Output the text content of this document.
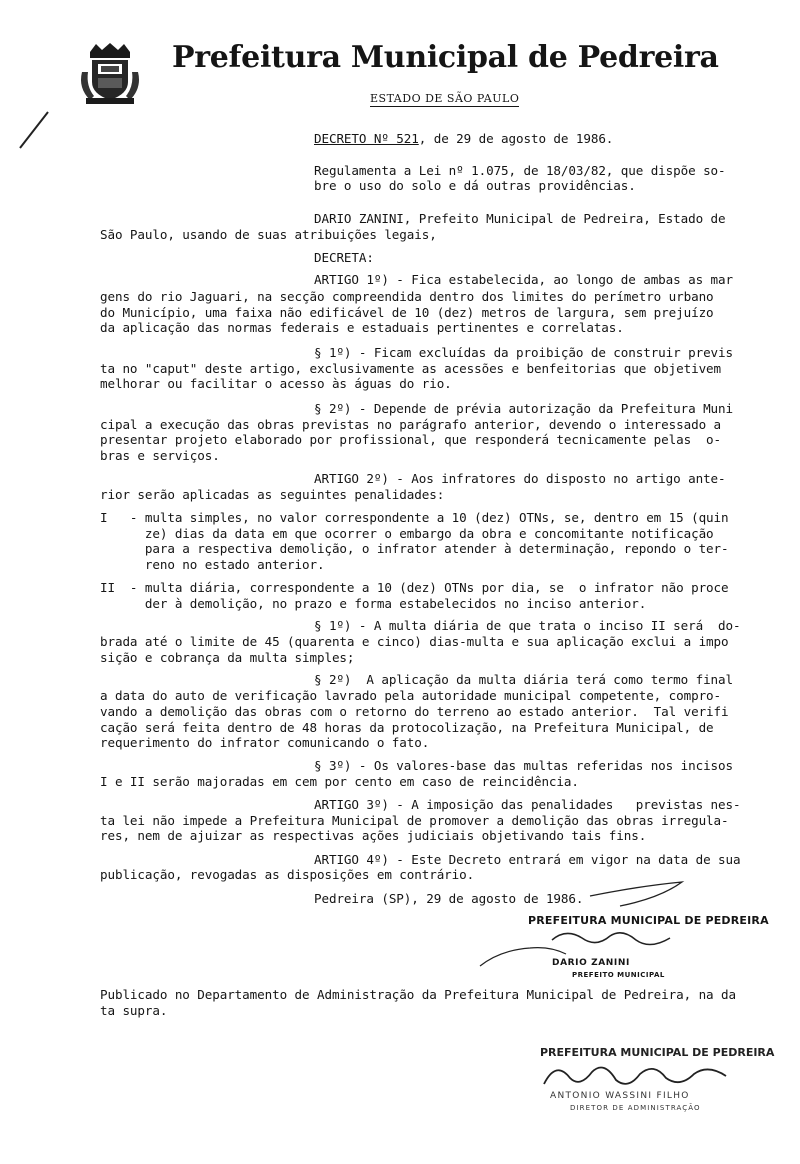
Prefeitura Municipal de Pedreira
ESTADO DE SÃO PAULO
DECRETO Nº 521, de 29 de agosto de 1986.
Regulamenta a Lei nº 1.075, de 18/03/82, que dispõe so-
bre o uso do solo e dá outras providências.
DARIO ZANINI, Prefeito Municipal de Pedreira, Estado de
São Paulo, usando de suas atribuições legais,
DECRETA:
ARTIGO 1º) - Fica estabelecida, ao longo de ambas as mar
gens do rio Jaguari, na secção compreendida dentro dos limites do perímetro urbano
do Município, uma faixa não edificável de 10 (dez) metros de largura, sem prejuízo
da aplicação das normas federais e estaduais pertinentes e correlatas.
§ 1º) - Ficam excluídas da proibição de construir previs
ta no "caput" deste artigo, exclusivamente as acessões e benfeitorias que objetivem
melhorar ou facilitar o acesso às águas do rio.
§ 2º) - Depende de prévia autorização da Prefeitura Muni
cipal a execução das obras previstas no parágrafo anterior, devendo o interessado a
presentar projeto elaborado por profissional, que responderá tecnicamente pelas  o-
bras e serviços.
ARTIGO 2º) - Aos infratores do disposto no artigo ante-
rior serão aplicadas as seguintes penalidades:
I   - multa simples, no valor correspondente a 10 (dez) OTNs, se, dentro em 15 (quin
ze) dias da data em que ocorrer o embargo da obra e concomitante notificação
para a respectiva demolição, o infrator atender à determinação, repondo o ter-
reno no estado anterior.
II  - multa diária, correspondente a 10 (dez) OTNs por dia, se  o infrator não proce
der à demolição, no prazo e forma estabelecidos no inciso anterior.
§ 1º) - A multa diária de que trata o inciso II será  do-
brada até o limite de 45 (quarenta e cinco) dias-multa e sua aplicação exclui a impo
sição e cobrança da multa simples;
§ 2º)  A aplicação da multa diária terá como termo final
a data do auto de verificação lavrado pela autoridade municipal competente, compro-
vando a demolição das obras com o retorno do terreno ao estado anterior.  Tal verifi
cação será feita dentro de 48 horas da protocolização, na Prefeitura Municipal, de
requerimento do infrator comunicando o fato.
§ 3º) - Os valores-base das multas referidas nos incisos
I e II serão majoradas em cem por cento em caso de reincidência.
ARTIGO 3º) - A imposição das penalidades   previstas nes-
ta lei não impede a Prefeitura Municipal de promover a demolição das obras irregula-
res, nem de ajuizar as respectivas ações judiciais objetivando tais fins.
ARTIGO 4º) - Este Decreto entrará em vigor na data de sua
publicação, revogadas as disposições em contrário.
Pedreira (SP), 29 de agosto de 1986.
PREFEITURA MUNICIPAL DE PEDREIRA
DARIO ZANINI
PREFEITO MUNICIPAL
Publicado no Departamento de Administração da Prefeitura Municipal de Pedreira, na da
ta supra.
PREFEITURA MUNICIPAL DE PEDREIRA
ANTONIO WASSINI FILHO
DIRETOR DE ADMINISTRAÇÃO
